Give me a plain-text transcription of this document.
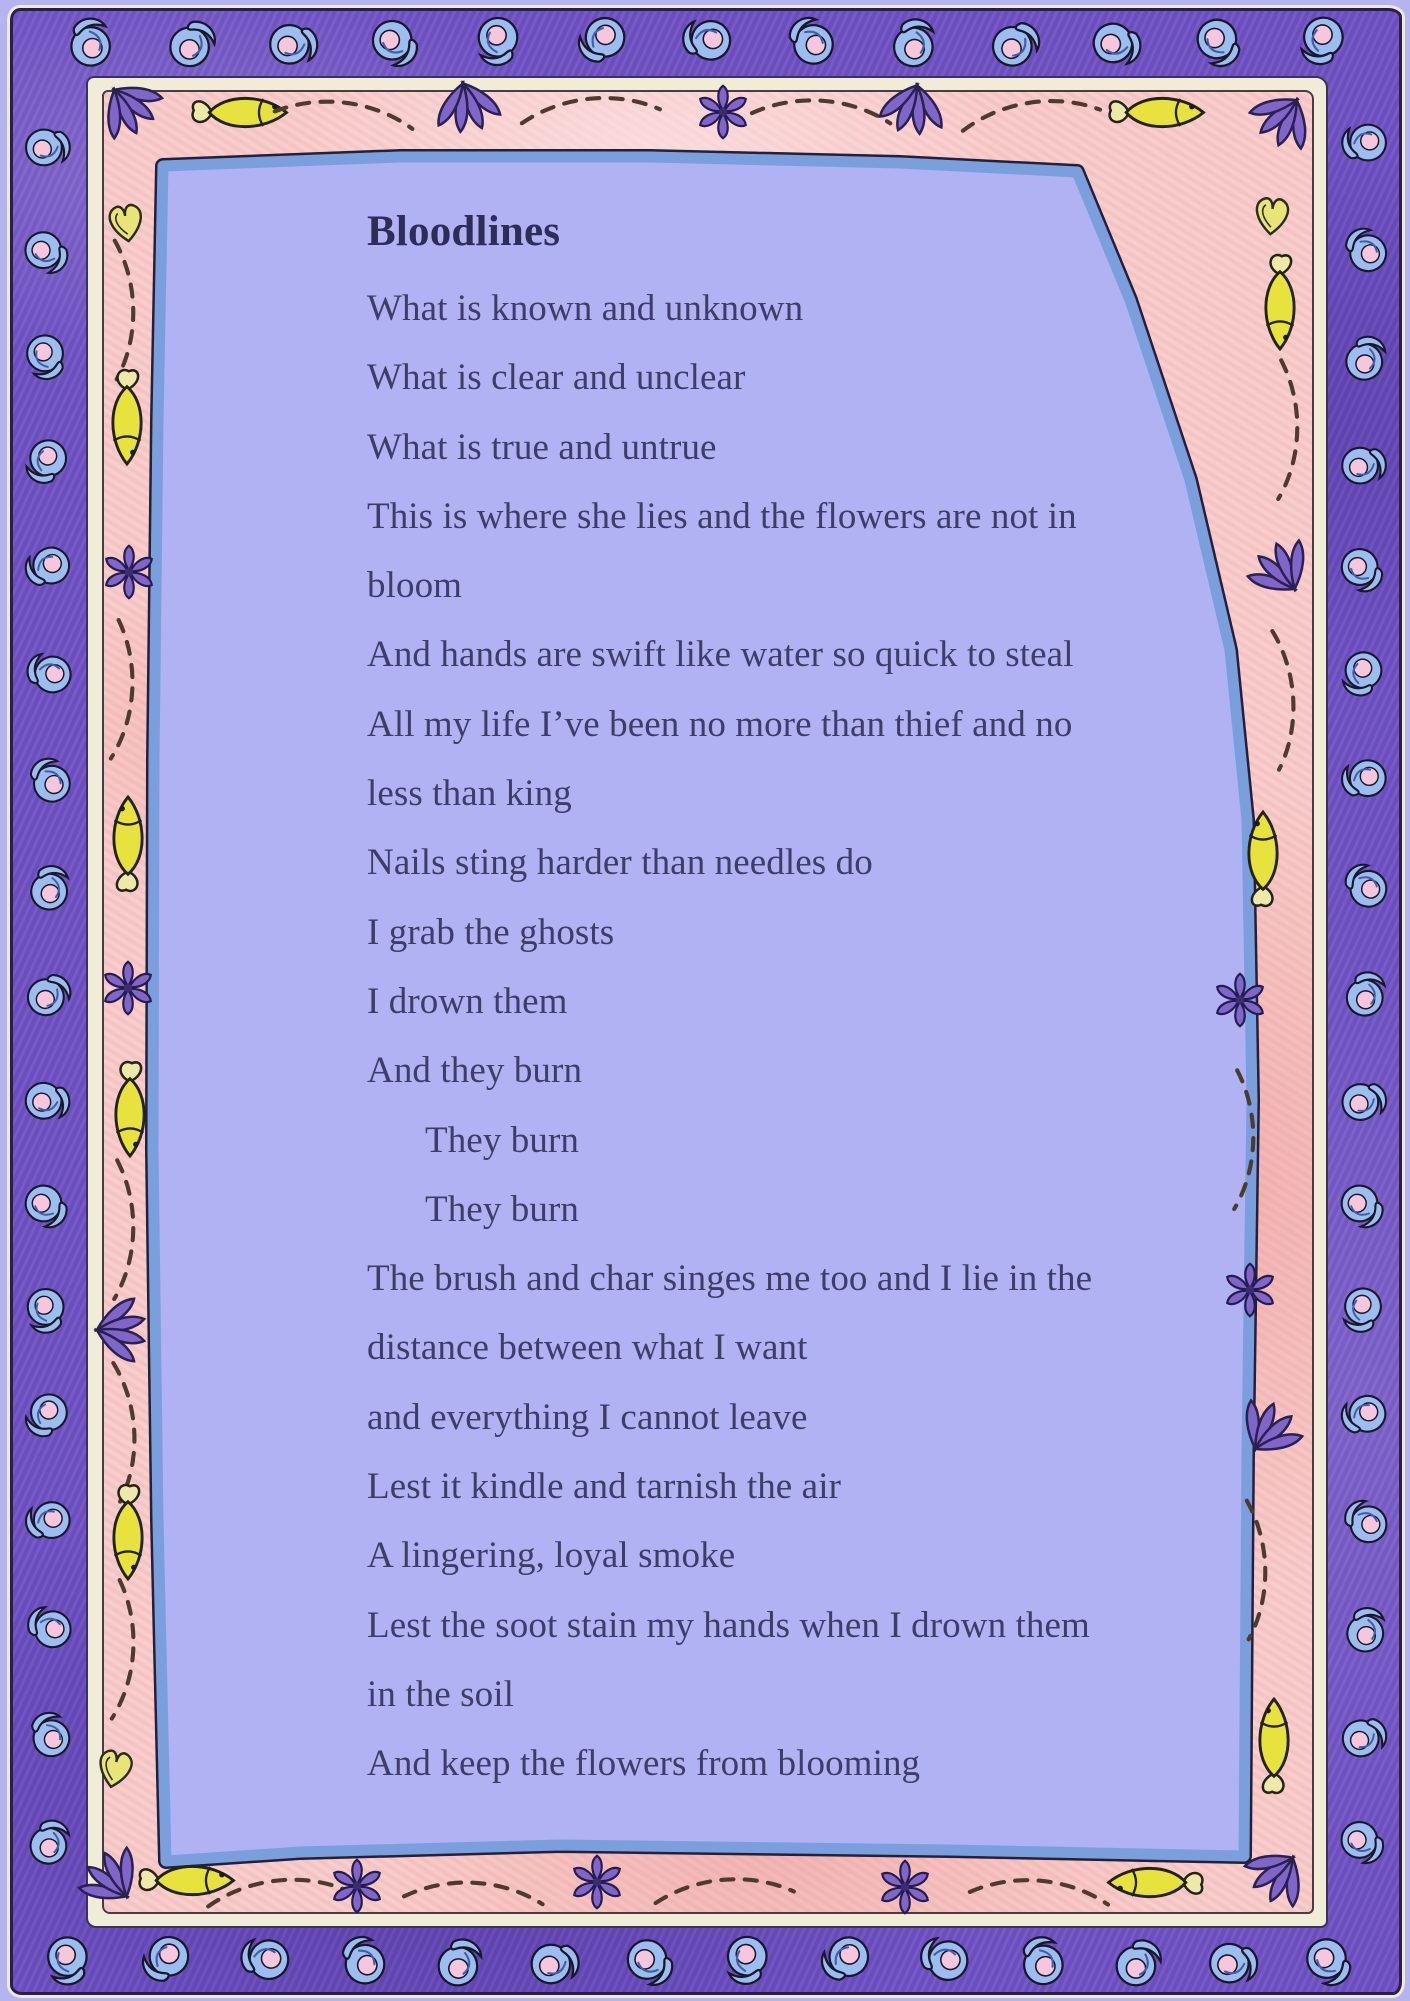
Bloodlines

What is known and unknown

What is clear and unclear

What is true and untrue

This is where she lies and the flowers are not in

bloom

And hands are swift like water so quick to steal

All my life I’ve been no more than thief and no

less than king

Nails sting harder than needles do

I grab the ghosts

I drown them

And they burn

They burn

They burn

The brush and char singes me too and I lie in the

distance between what I want

and everything I cannot leave

Lest it kindle and tarnish the air

A lingering, loyal smoke

Lest the soot stain my hands when I drown them

in the soil

And keep the flowers from blooming
